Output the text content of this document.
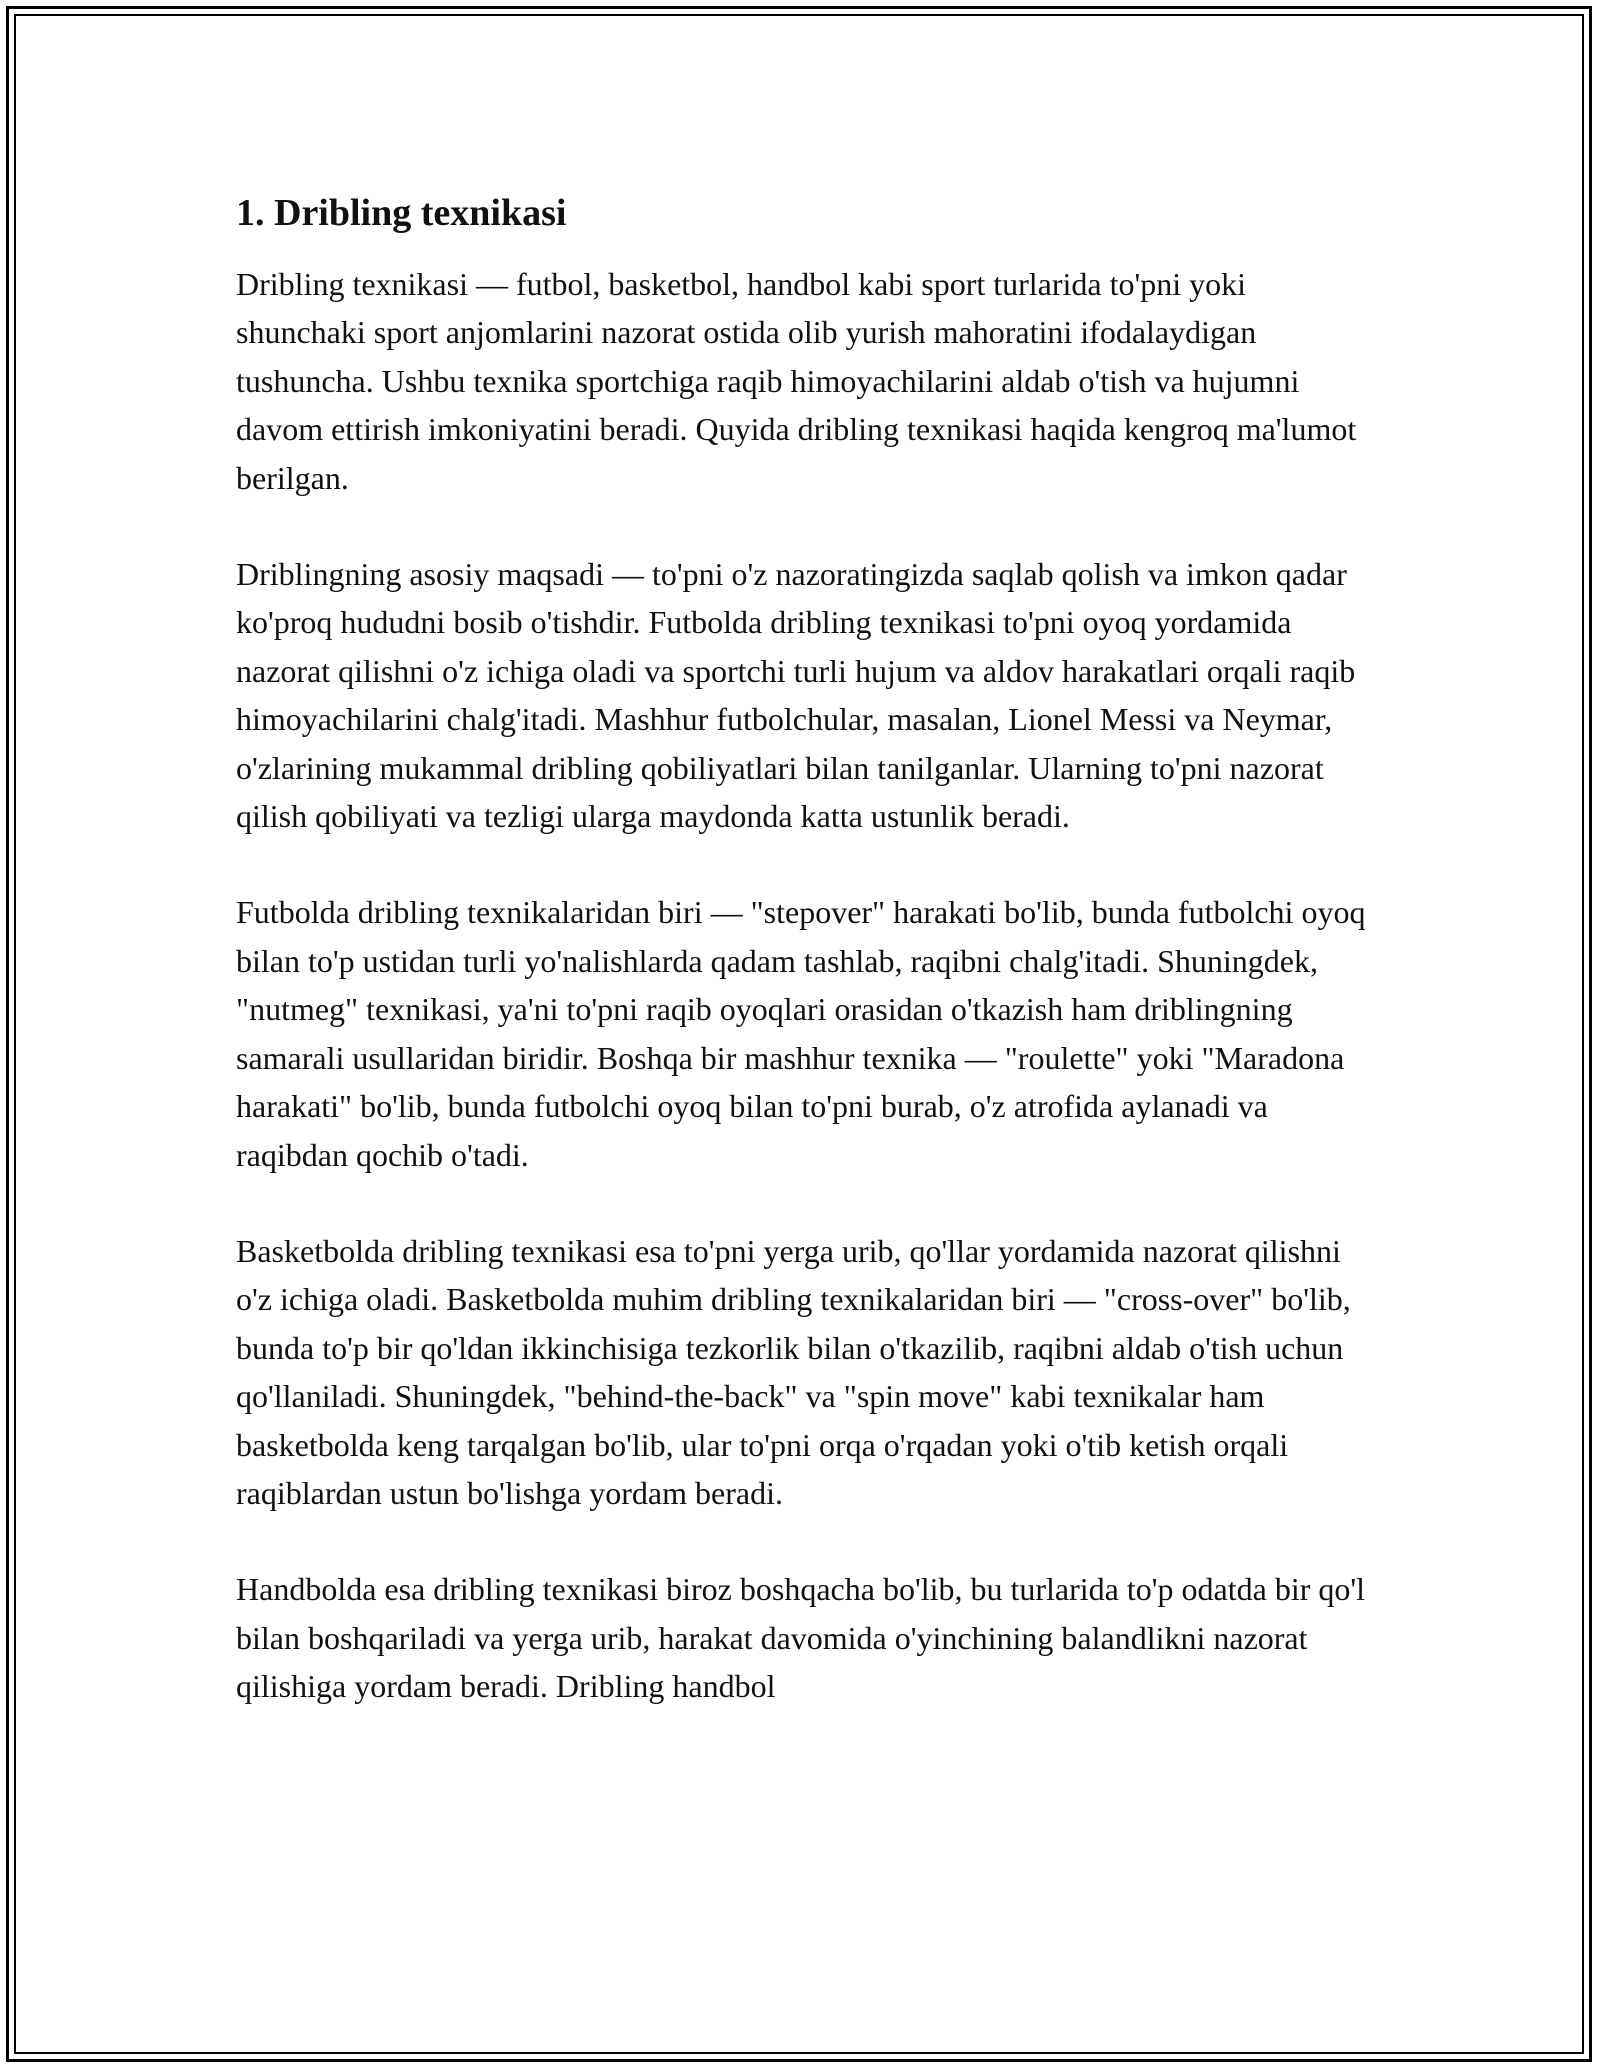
1. Dribling texnikasi

Dribling texnikasi — futbol, basketbol, handbol kabi sport turlarida to'pni yoki shunchaki sport anjomlarini nazorat ostida olib yurish mahoratini ifodalaydigan tushuncha. Ushbu texnika sportchiga raqib himoyachilarini aldab o'tish va hujumni davom ettirish imkoniyatini beradi. Quyida dribling texnikasi haqida kengroq ma'lumot berilgan.

Driblingning asosiy maqsadi — to'pni o'z nazoratingizda saqlab qolish va imkon qadar ko'proq hududni bosib o'tishdir. Futbolda dribling texnikasi to'pni oyoq yordamida nazorat qilishni o'z ichiga oladi va sportchi turli hujum va aldov harakatlari orqali raqib himoyachilarini chalg'itadi. Mashhur futbolchular, masalan, Lionel Messi va Neymar, o'zlarining mukammal dribling qobiliyatlari bilan tanilganlar. Ularning to'pni nazorat qilish qobiliyati va tezligi ularga maydonda katta ustunlik beradi.

Futbolda dribling texnikalaridan biri — "stepover" harakati bo'lib, bunda futbolchi oyoq bilan to'p ustidan turli yo'nalishlarda qadam tashlab, raqibni chalg'itadi. Shuningdek, "nutmeg" texnikasi, ya'ni to'pni raqib oyoqlari orasidan o'tkazish ham driblingning samarali usullaridan biridir. Boshqa bir mashhur texnika — "roulette" yoki "Maradona harakati" bo'lib, bunda futbolchi oyoq bilan to'pni burab, o'z atrofida aylanadi va raqibdan qochib o'tadi.

Basketbolda dribling texnikasi esa to'pni yerga urib, qo'llar yordamida nazorat qilishni o'z ichiga oladi. Basketbolda muhim dribling texnikalaridan biri — "cross-over" bo'lib, bunda to'p bir qo'ldan ikkinchisiga tezkorlik bilan o'tkazilib, raqibni aldab o'tish uchun qo'llaniladi. Shuningdek, "behind-the-back" va "spin move" kabi texnikalar ham basketbolda keng tarqalgan bo'lib, ular to'pni orqa o'rqadan yoki o'tib ketish orqali raqiblardan ustun bo'lishga yordam beradi.

Handbolda esa dribling texnikasi biroz boshqacha bo'lib, bu turlarida to'p odatda bir qo'l bilan boshqariladi va yerga urib, harakat davomida o'yinchining balandlikni nazorat qilishiga yordam beradi. Dribling handbol
